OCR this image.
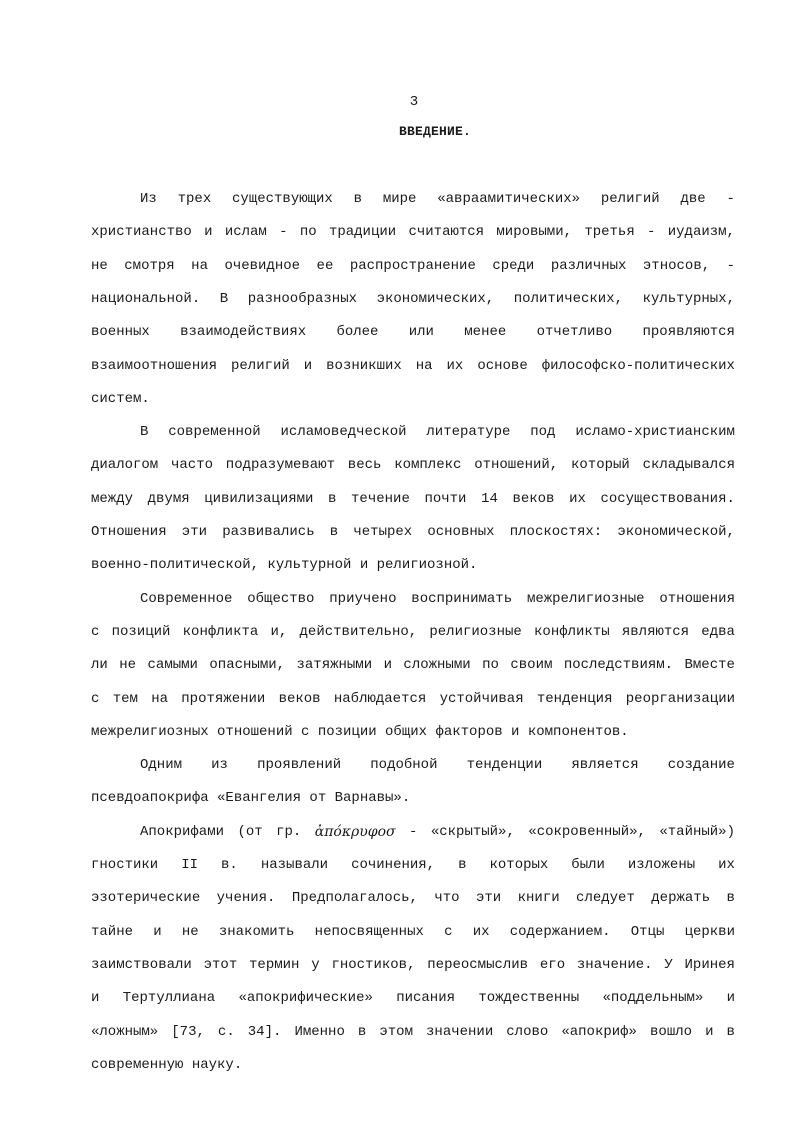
3
ВВЕДЕНИЕ.
Из трех существующих в мире «авраамитических» религий две -
христианство и ислам - по традиции считаются мировыми, третья - иудаизм,
не смотря на очевидное ее распространение среди различных этносов, -
национальной. В разнообразных экономических, политических, культурных,
военных взаимодействиях более или менее отчетливо проявляются
взаимоотношения религий и возникших на их основе философско-политических
систем.
В современной исламоведческой литературе под исламо-христианским
диалогом часто подразумевают весь комплекс отношений, который складывался
между двумя цивилизациями в течение почти 14 веков их сосуществования.
Отношения эти развивались в четырех основных плоскостях: экономической,
военно-политической, культурной и религиозной.
Современное общество приучено воспринимать межрелигиозные отношения
с позиций конфликта и, действительно, религиозные конфликты являются едва
ли не самыми опасными, затяжными и сложными по своим последствиям. Вместе
с тем на протяжении веков наблюдается устойчивая тенденция реорганизации
межрелигиозных отношений с позиции общих факторов и компонентов.
Одним из проявлений подобной тенденции является создание
псевдоапокрифа «Евангелия от Варнавы».
Апокрифами (от гр. ἀπόκρυφοσ - «скрытый», «сокровенный», «тайный»)
гностики II в. называли сочинения, в которых были изложены их
эзотерические учения. Предполагалось, что эти книги следует держать в
тайне и не знакомить непосвященных с их содержанием. Отцы церкви
заимствовали этот термин у гностиков, переосмыслив его значение. У Иринея
и Тертуллиана «апокрифические» писания тождественны «поддельным» и
«ложным» [73, с. 34]. Именно в этом значении слово «апокриф» вошло и в
современную науку.
